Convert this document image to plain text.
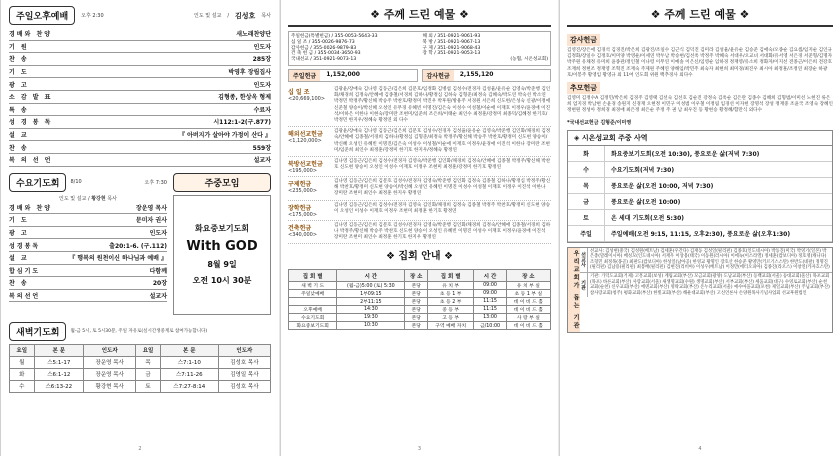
주일오후예배	오후 2:30	인도 및 설교 / 김성호 목사
경배와 찬양	새노래찬양단
기 원	인도자
찬 송	285장
기 도	박영후 장립집사
광 고	인도자
소 감 발 표	김형종, 한상옥 형제
특 송	수료자
성 경 봉 독	시112:1-2(구.877)
설 교	『 아버지가 살아야 가정이 산다 』
찬 송	559장
복 의 선 언	설교자
수요기도회	8/10	오후 7:30
인도 및 설교 / 황강현 목사
경배와 찬양	장운영 목사
기 도	문미자 권사
광 고	인도자
성경봉독	출20:1-6. (구.112)
설 교	『 행복의 원천이신 하나님과 예배 』
합심기도	다함께
찬 송	20장
복의선언	설교자
주중모임
화요중보기도회
With GOD
8월 9일
오전 10시 30분
새벽기도회	월-금 5시, 토 5시30분, 주일 자유로(실시간생중계로 참여가능합니다)
요일	본 문	인도자	요일	본 문	인도자
월	스5:1-17	장운영 목사	목	스7:1-10	김성호 목사
화	스6:1-12	장운영 목사	금	스7:11-26	김영일 목사
수	스6:13-22	황강현 목사	토	스7:27-8:14	김성호 목사
2
❖ 주께 드린 예물 ❖
주일헌금(특별헌금) / 355-0053-5643-33
십 일 조 / 355-0026-9876-73
감사헌금 / 355-0026-9879-83
건 축 헌 금 / 355-0034-3650-93
국내선교 / 351-0921-9073-13
해 외 / 351-0921-9061-93
북 방 / 351-0921-9067-13
구 제 / 351-0921-9068-43
장 학 / 351-0921-9053-13
(농협, 시온성교회)
주일헌금	1,152,000	감사헌금	2,155,120
십 일 조
<20,669,100>
김광윤/장애숙 김나영 김동근/김은희 김문호/임정화 김병섭 김성수/전경자 김성율/윤유순 김영숙/박준행 김인화/채경희 김정숙/안혜애 김종철/서경희 김하나/황정심 김하숙 김형준/최정숙 김혜숙/박도연 박숙선 박소연 박정민 박정주/황신해 박승주 박찬호/황정미 박진우 박후원/방용주 서경원 서은희 신도현/은성숙 신광/이정애 신준철 양승이/박신혜 오성인 유무경 유혜빈 이명진/김은숙 이성수 이성철/이순애 이재호 이정우/윤경애 이진석/이하은 이한나 이현숙/장미란 조현미/임준희 조은희/이태순 최인수 최정훈/강정미 최종덕/김혜정 한기호/박정민 한지우/정혜숙 황정연 외 다수
해외선교헌금
<1,120,000>
김광윤/장애숙 김나영 김동근/김은희 김문호 김성수/전경자 김성율/윤유순 김영숙/박준행 김인화/채경희 김정숙/안혜애 김종철/서경희 김하나/황정심 김형준/최정숙 박정주/황신해 박승주 박찬호/황정미 신도현 양승이/박신혜 오성인 유혜빈 이명진/김은숙 이성수 이성철/이순애 이재호 이정우/윤경애 이진석 이한나 장미란 조현미/임준희 최인수 최정훈/강정미 한기호 한지우/정혜숙 황정연
북방선교헌금
<195,000>
김나영 김동근/김은희 김성수/전경자 김영숙/박준행 김인화/채경희 김정숙/안혜애 김종철 박정주/황신해 박찬호 신도현 양승이 오성인 이성수 이재호 이정우 조현미 최정훈/강정미 한기호 황정연
구제헌금
<235,000>
김나영 김동근/김은희 김문호 김성수/전경자 김영숙/박준행 김인화 김정숙 김종철 김하나/황정심 박정주/황신해 박찬호/황정미 신도현 양승이/박신혜 오성인 유혜빈 이명진 이성수 이성철 이재호 이정우 이진석 이한나 장미란 조현미 최인수 최정훈 한지우 황정연
장학헌금
<175,000>
김나영 김동근/김은희 김성수/전경자 김영숙 김인화/채경희 김정숙 김종철 박정주 박찬호/황정미 신도현 양승이 오성인 이성수 이재호 이정우 조현미 최정훈 한기호 황정연
건축헌금
<340,000>
김나영 김동근/김은희 김문호 김성수/전경자 김영숙/박준행 김인화/채경희 김정숙/안혜애 김종철/서경희 김하나 박정주/황신해 박승주 박찬호 신도현 양승이 오성인 유혜빈 이명진 이성수 이재호 이정우/윤경애 이진석 장미란 조현미 최인수 최정훈 한기호 한지우 황정연
❖ 집회 안내 ❖
집 회 별	시 간	장 소	집 회 별	시 간	장 소
새 벽 기 도	(월-금)5:00 (토) 5:30	본당	유 치 부	09:00	유 치 부 실
주일낮예배	1부09:15	본당	초 등 1 부	09:00	초 등 1 부 실
	2부11:15	본당	초 등 2 부	11:15	데 이 비 드 홀
오후예배	14:30	본당	중 등 부	11:15	데 이 비 드 홀
수요기도회	19:30	본당	고 등 부	13:00	사 랑 부 실
화요중보기도회	10:30	본당	구역 예배 자치	금/10:00	데 이 비 드 홀
3
❖ 주께 드린 예물 ❖
감사헌금
김영진/장은애 김경석 김경진/박은희 김광진/조일수 김근식 김덕진 김미라 김성율/윤유순 김승준 김애숙/오종순 김요셉/임지순 김인규 김정화/장일수 김정호/이미양 박영운/이세연 박두남 박승현/김선옥 박정주 박혜숙 서대우/오교녀 서대화/유서영 서은경 서준형/김명자 박주원 유채정 유미희 윤종관/정인철 이나령 이무연 이예솔 이은신/임영순 임하경 정재영/유소희 정화자/이지선 전종근/이은희 전강호 조재희 정현조 정재영 조혁진 조재숙 주제원 주혜연 양해임/박민주 최숙자 최현희 최미경/최진우 최시아 최정훈/조정연 최장순 하광호/이봉주 황영임 황영규 외 11여 인도회 위원 백추경사 외다수
추모헌금
김영미 김정수A 김정민/박은희 김경주 김영택 김선숙 김선호 김순진 강정숙 김옥순 김은란 김종수 김해희 김형범/이미선 노현진 류은희 엄지경 박남현 손윤경 송원지 신경재 오현정 이민구 이성범 이우철 이정림 임경선 이자헌 장명석 장성 정재중 조윤국 조영숙 장혜인 정현원 정성아 정희경 최경애 최은정 최은순 주정 주 권 남 최우진 등 황현승 황정혜/함만식 외다수
*국내선교헌금 김형준/이미영
◈ 시온성교회 주중 사역
화	화요중보기도회(오전 10:30), 풍요로운 삶(저녁 7:30)
수	수요기도회(저녁 7:30)
목	풍요로운 삶(오전 10:00, 저녁 7:30)
금	풍요로운 삶(오전 10:00)
토	온 세대 기도회(오전 5:30)
주일	주일예배(오전 9:15, 11:15, 오후2:30), 풍요로운 삶(오후1:30)
우리교회가 돕는 기관 선교사
선교사: 김성현(중국) 김성원(베트남) 김세훈(우간다) 김재동 김성일(필리핀) 김종호(인도네시아) 박동진(미국) 박영기(일본) 박은총(말레이시아) 배성모(인도네시아) 서재우 이상용(태국) 이동원(러시아) 이에녹(이스라엘) 정세훈(캄보디아) 정호영(캐나다) 조형민 최정목(몽골) 최판도(캄보디아) 한성일(남아공) 한영교 황명인 장호산 한승준 황영만(키르기스스탄) 한반도(네팔) 정명진(필리핀) 김남용(필리핀) 최봉배(필리핀) 김현진(리비아) 이성우(베트남) 이정만(에티오피아) 김종진(라오스) 이창연(카자흐스탄)
기관
기관: 가덕도교회(거제) 고흥교회(보성) 계림교회(부산) 모금교회(광양) 도남교회(부산) 동백교회(서울) 등대교회(울산) 목포교회(목포) 바른교회(부산) 사랑교회(서울) 새생명교회(수원) 생명교회(부산) 서부교회(부산) 세움교회(대구) 수영로교회(부산) 순천교회(순천) 신우교회(부산) 에덴교회(부산) 영락교회(부산) 온누리교회(서울) 예수마을교회(포천) 제일교회(부산) 주님교회(부산) 참사랑교회(청주) 평화교회(부산) 한빛교회(부산) 해운대교회(부산) 고신언론사 손양원목사기념사업회 선교후원법인
4
